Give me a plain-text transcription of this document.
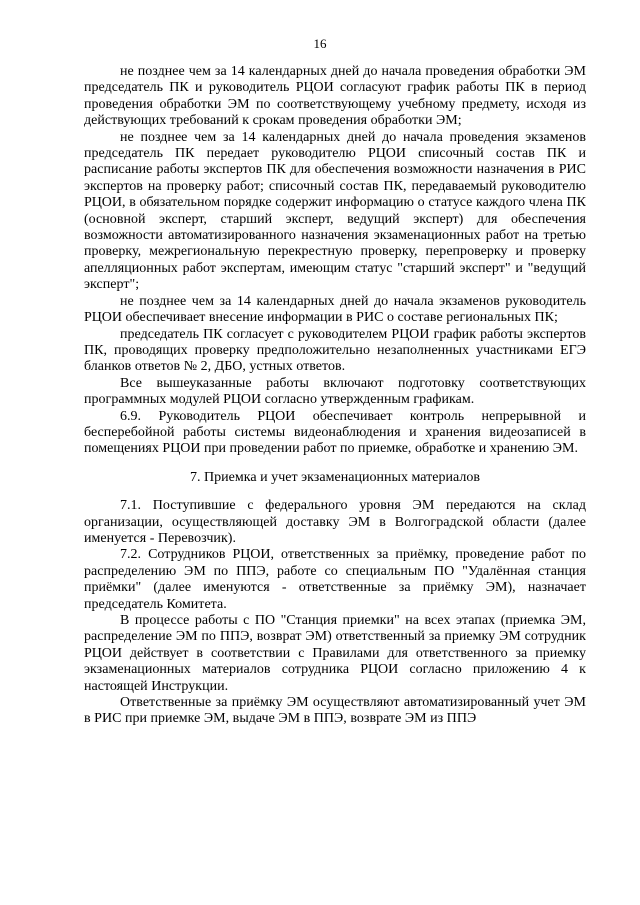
16

не позднее чем за 14 календарных дней до начала проведения обработки ЭМ председатель ПК и руководитель РЦОИ согласуют график работы ПК в период проведения обработки ЭМ по соответствующему учебному предмету, исходя из действующих требований к срокам проведения обработки ЭМ;

не позднее чем за 14 календарных дней до начала проведения экзаменов председатель ПК передает руководителю РЦОИ списочный состав ПК и расписание работы экспертов ПК для обеспечения возможности назначения в РИС экспертов на проверку работ; списочный состав ПК, передаваемый руководителю РЦОИ, в обязательном порядке содержит информацию о статусе каждого члена ПК (основной эксперт, старший эксперт, ведущий эксперт) для обеспечения возможности автоматизированного назначения экзаменационных работ на третью проверку, межрегиональную перекрестную проверку, перепроверку и проверку апелляционных работ экспертам, имеющим статус "старший эксперт" и "ведущий эксперт";

не позднее чем за 14 календарных дней до начала экзаменов руководитель РЦОИ обеспечивает внесение информации в РИС о составе региональных ПК;

председатель ПК согласует с руководителем РЦОИ график работы экспертов ПК, проводящих проверку предположительно незаполненных участниками ЕГЭ бланков ответов № 2, ДБО, устных ответов.

Все вышеуказанные работы включают подготовку соответствующих программных модулей РЦОИ согласно утвержденным графикам.

6.9. Руководитель РЦОИ обеспечивает контроль непрерывной и бесперебойной работы системы видеонаблюдения и хранения видеозаписей в помещениях РЦОИ при проведении работ по приемке, обработке и хранению ЭМ.

7. Приемка и учет экзаменационных материалов

7.1. Поступившие с федерального уровня ЭМ передаются на склад организации, осуществляющей доставку ЭМ в Волгоградской области (далее именуется - Перевозчик).

7.2. Сотрудников РЦОИ, ответственных за приёмку, проведение работ по распределению ЭМ по ППЭ, работе со специальным ПО "Удалённая станция приёмки" (далее именуются - ответственные за приёмку ЭМ), назначает председатель Комитета.

В процессе работы с ПО "Станция приемки" на всех этапах (приемка ЭМ, распределение ЭМ по ППЭ, возврат ЭМ) ответственный за приемку ЭМ сотрудник РЦОИ действует в соответствии с Правилами для ответственного за приемку экзаменационных материалов сотрудника РЦОИ согласно приложению 4 к настоящей Инструкции.

Ответственные за приёмку ЭМ осуществляют автоматизированный учет ЭМ в РИС при приемке ЭМ, выдаче ЭМ в ППЭ, возврате ЭМ из ППЭ
